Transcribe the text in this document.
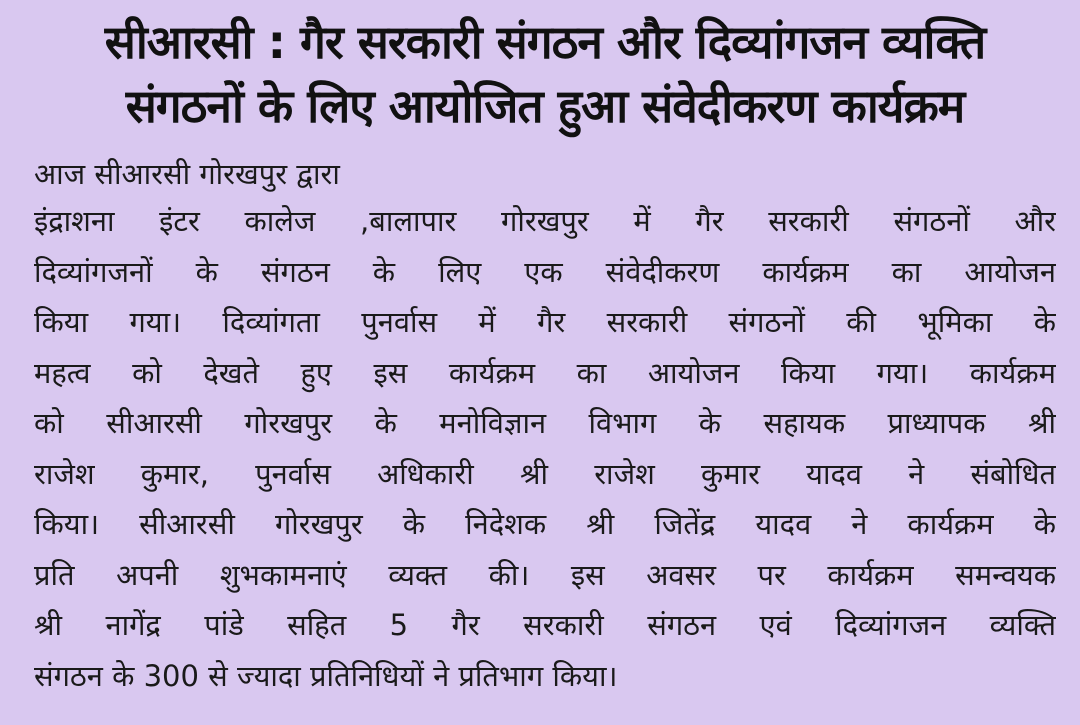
सीआरसी : गैर सरकारी संगठन और दिव्यांगजन व्यक्ति
संगठनों के लिए आयोजित हुआ संवेदीकरण कार्यक्रम

आज सीआरसी गोरखपुर द्वारा

इंद्राशना इंटर कालेज ,बालापार गोरखपुर में गैर सरकारी संगठनों और

दिव्यांगजनों के संगठन के लिए एक संवेदीकरण कार्यक्रम का आयोजन

किया गया। दिव्यांगता पुनर्वास में गैर सरकारी संगठनों की भूमिका के

महत्व को देखते हुए इस कार्यक्रम का आयोजन किया गया। कार्यक्रम

को सीआरसी गोरखपुर के मनोविज्ञान विभाग के सहायक प्राध्यापक श्री

राजेश कुमार, पुनर्वास अधिकारी श्री राजेश कुमार यादव ने संबोधित

किया। सीआरसी गोरखपुर के निदेशक श्री जितेंद्र यादव ने कार्यक्रम के

प्रति अपनी शुभकामनाएं व्यक्त की। इस अवसर पर कार्यक्रम समन्वयक

श्री नागेंद्र पांडे सहित 5 गैर सरकारी संगठन एवं दिव्यांगजन व्यक्ति

संगठन के 300 से ज्यादा प्रतिनिधियों ने प्रतिभाग किया।
